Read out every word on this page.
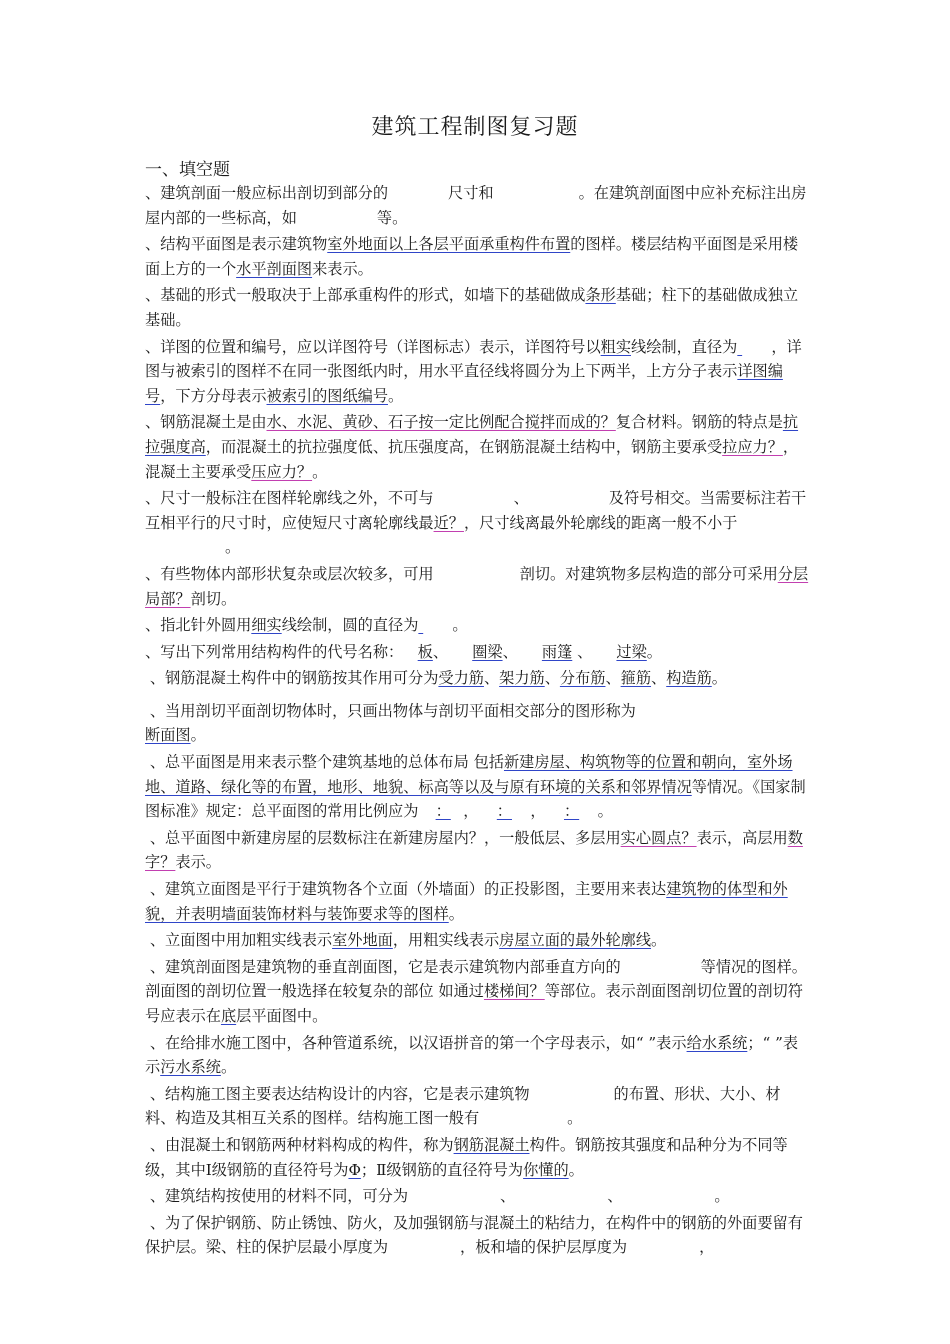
建筑工程制图复习题
一、填空题
、建筑剖面一般应标出剖切到部分的	尺寸和	。在建筑剖面图中应补充标注出房屋内部的一些标高，如	等。
、结构平面图是表示建筑物室外地面以上各层平面承重构件布置的图样。楼层结构平面图是采用楼面上方的一个水平剖面图来表示。
、基础的形式一般取决于上部承重构件的形式，如墙下的基础做成条形基础；柱下的基础做成独立基础。
、详图的位置和编号，应以详图符号（详图标志）表示，详图符号以粗实线绘制，直径为 ，详图与被索引的图样不在同一张图纸内时，用水平直径线将圆分为上下两半，上方分子表示详图编号，下方分母表示被索引的图纸编号。
、钢筋混凝土是由水、水泥、黄砂、石子按一定比例配合搅拌而成的？复合材料。钢筋的特点是抗拉强度高，而混凝土的抗拉强度低、抗压强度高，在钢筋混凝土结构中，钢筋主要承受拉应力？，混凝土主要承受压应力？。
、尺寸一般标注在图样轮廓线之外，不可与	、	及符号相交。当需要标注若干互相平行的尺寸时，应使短尺寸离轮廓线最近？，尺寸线离最外轮廓线的距离一般不小于。
、有些物体内部形状复杂或层次较多，可用	剖切。对建筑物多层构造的部分可采用分层局部？剖切。
、指北针外圆用细实线绘制，圆的直径为 。
、写出下列常用结构构件的代号名称： 板、 圈梁、 雨篷 、 过梁。
、钢筋混凝土构件中的钢筋按其作用可分为受力筋、架力筋、分布筋、箍筋、构造筋。
、当用剖切平面剖切物体时，只画出物体与剖切平面相交部分的图形称为
断面图。
、总平面图是用来表示整个建筑基地的总体布局 包括新建房屋、构筑物等的位置和朝向，室外场地、道路、绿化等的布置，地形、地貌、标高等以及与原有环境的关系和邻界情况等情况。《国家制图标准》规定：总平面图的常用比例应为 ： ， ： ， ： 。
、总平面图中新建房屋的层数标注在新建房屋内？，一般低层、多层用实心圆点？表示，高层用数字？表示。
、建筑立面图是平行于建筑物各个立面（外墙面）的正投影图，主要用来表达建筑物的体型和外貌，并表明墙面装饰材料与装饰要求等的图样。
、立面图中用加粗实线表示室外地面，用粗实线表示房屋立面的最外轮廓线。
、建筑剖面图是建筑物的垂直剖面图，它是表示建筑物内部垂直方向的	等情况的图样。剖面图的剖切位置一般选择在较复杂的部位 如通过楼梯间？等部位。表示剖面图剖切位置的剖切符号应表示在底层平面图中。
、在给排水施工图中，各种管道系统，以汉语拼音的第一个字母表示，如“ ”表示给水系统；“ ”表示污水系统。
、结构施工图主要表达结构设计的内容，它是表示建筑物	的布置、形状、大小、材料、构造及其相互关系的图样。结构施工图一般有	。
、由混凝土和钢筋两种材料构成的构件，称为钢筋混凝土构件。钢筋按其强度和品种分为不同等级，其中Ⅰ级钢筋的直径符号为Φ；Ⅱ级钢筋的直径符号为你懂的。
、建筑结构按使用的材料不同，可分为	、	、	。
、为了保护钢筋、防止锈蚀、防火，及加强钢筋与混凝土的粘结力，在构件中的钢筋的外面要留有保护层。梁、柱的保护层最小厚度为	，板和墙的保护层厚度为	，
